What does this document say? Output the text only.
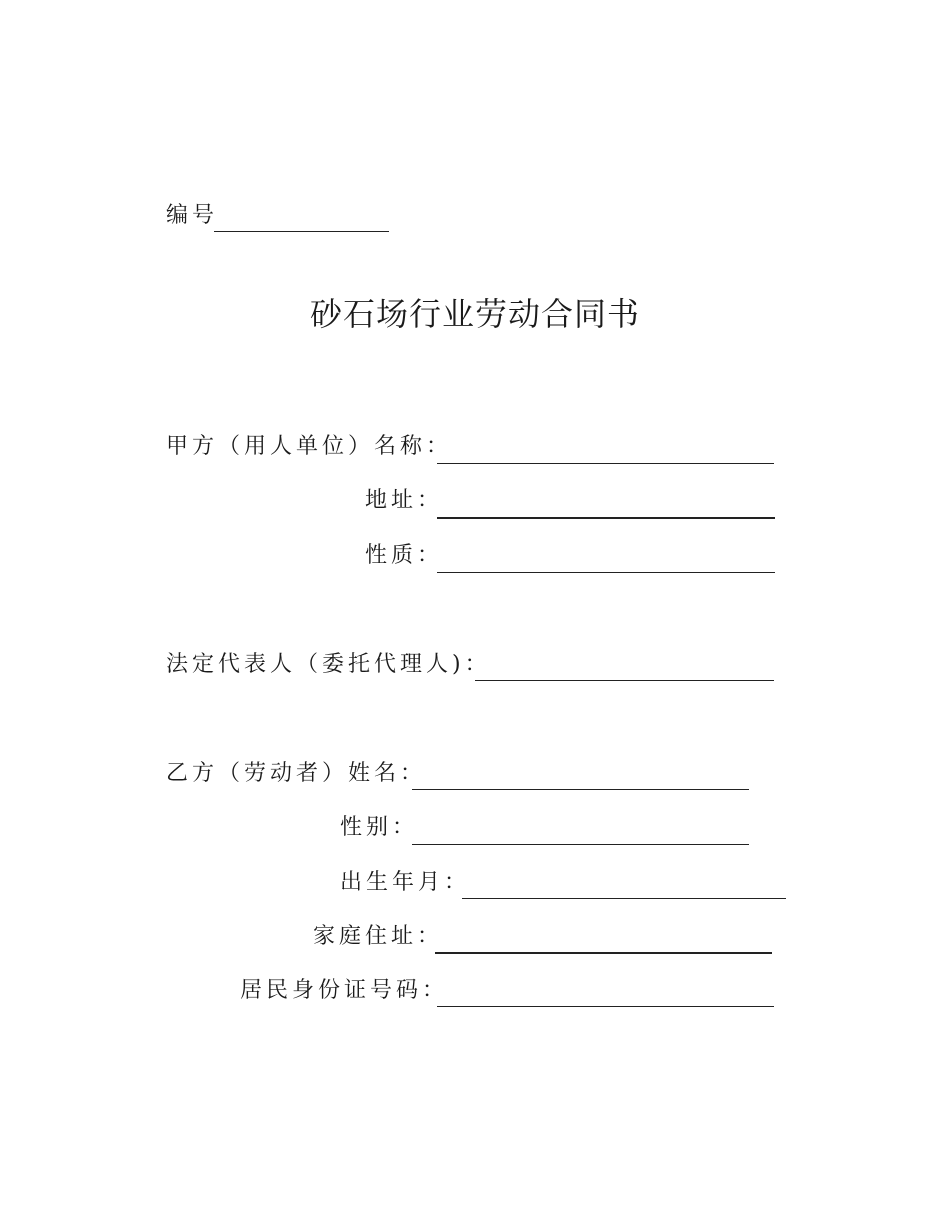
编号
砂石场行业劳动合同书
甲方（用人单位）名称：
地址：
性质：
法定代表人（委托代理人)：
乙方（劳动者）姓名：
性别：
出生年月：
家庭住址：
居民身份证号码：
